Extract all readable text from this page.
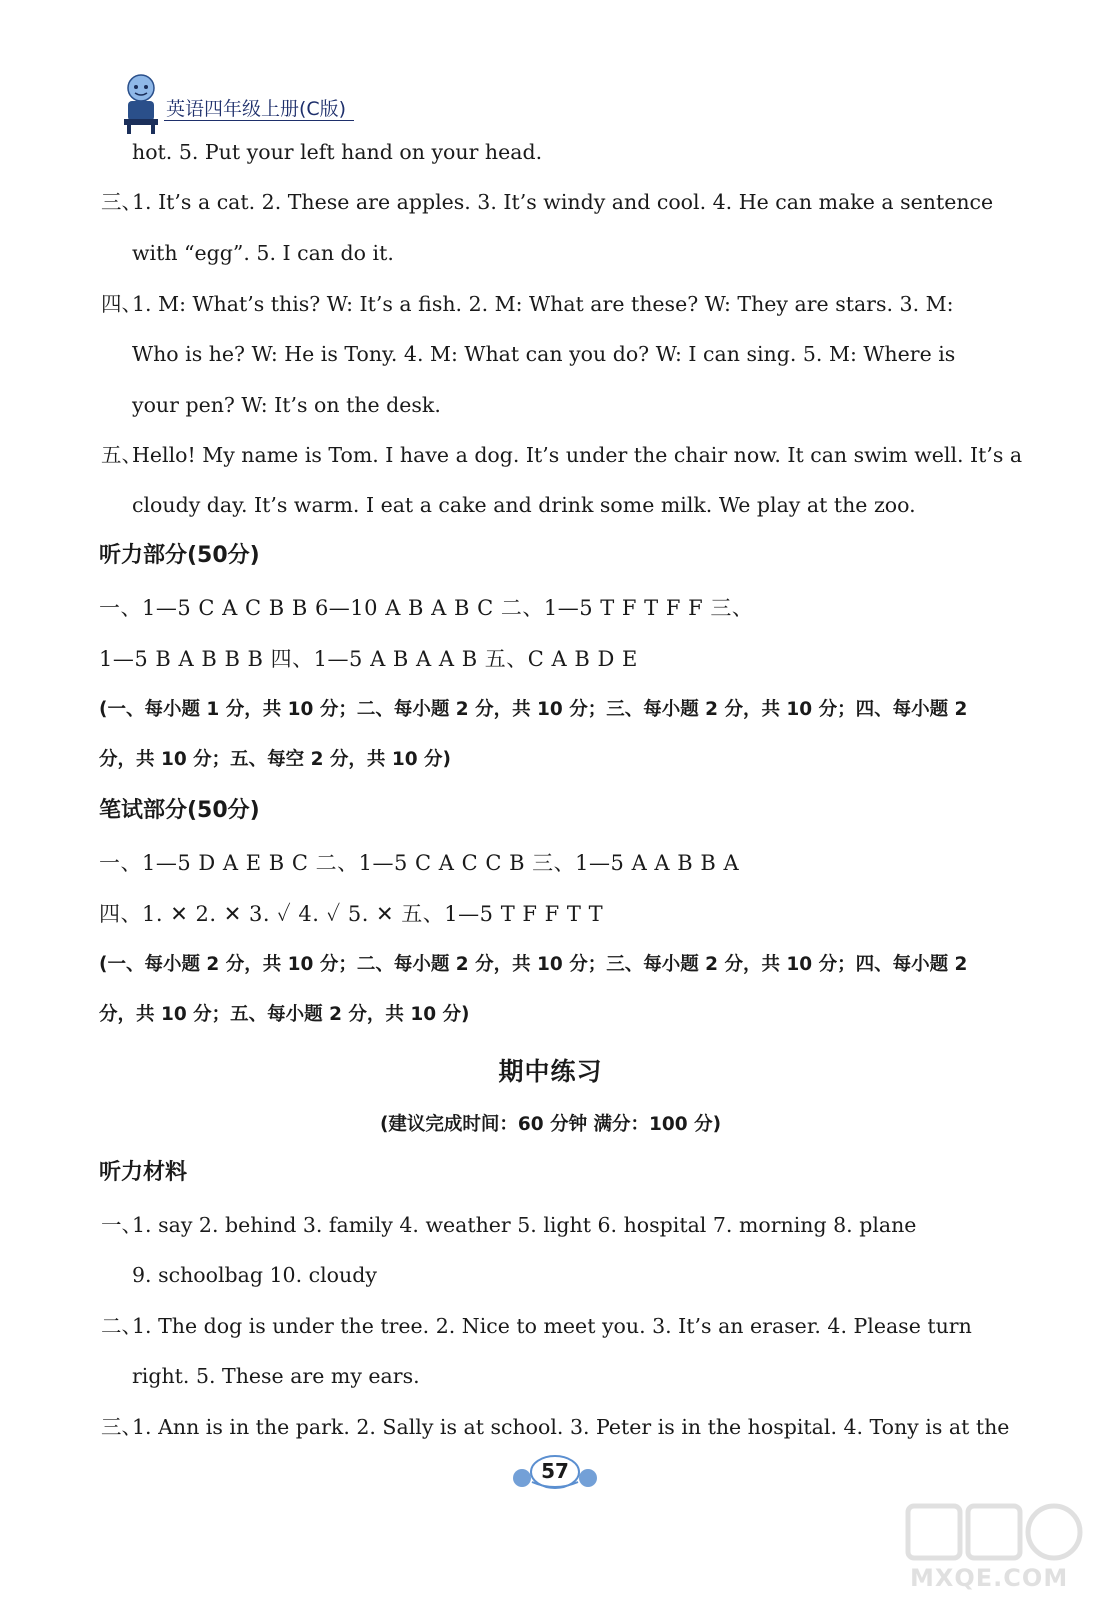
英语四年级上册(C版)
hot. 5. Put your left hand on your head.
三、
1. It’s a cat. 2. These are apples. 3. It’s windy and cool. 4. He can make a sentence
with “egg”. 5. I can do it.
四、
1. M: What’s this? W: It’s a fish. 2. M: What are these? W: They are stars. 3. M:
Who is he? W: He is Tony. 4. M: What can you do? W: I can sing. 5. M: Where is
your pen? W: It’s on the desk.
五、
Hello! My name is Tom. I have a dog. It’s under the chair now. It can swim well. It’s a
cloudy day. It’s warm. I eat a cake and drink some milk. We play at the zoo.
听力部分(50分)
一、1—5 C A C B B 6—10 A B A B C 二、1—5 T F T F F 三、
1—5 B A B B B 四、1—5 A B A A B 五、C A B D E
(一、每小题 1 分，共 10 分；二、每小题 2 分，共 10 分；三、每小题 2 分，共 10 分；四、每小题 2
分，共 10 分；五、每空 2 分，共 10 分)
笔试部分(50分)
一、1—5 D A E B C 二、1—5 C A C C B 三、1—5 A A B B A
四、1. ✕ 2. ✕ 3. ✓ 4. ✓ 5. ✕ 五、1—5 T F F T T
(一、每小题 2 分，共 10 分；二、每小题 2 分，共 10 分；三、每小题 2 分，共 10 分；四、每小题 2
分，共 10 分；五、每小题 2 分，共 10 分)
期中练习
(建议完成时间：60 分钟 满分：100 分)
听力材料
一、
1. say 2. behind 3. family 4. weather 5. light 6. hospital 7. morning 8. plane
9. schoolbag 10. cloudy
二、
1. The dog is under the tree. 2. Nice to meet you. 3. It’s an eraser. 4. Please turn
right. 5. These are my ears.
三、
1. Ann is in the park. 2. Sally is at school. 3. Peter is in the hospital. 4. Tony is at the
57
MXQE.COM
